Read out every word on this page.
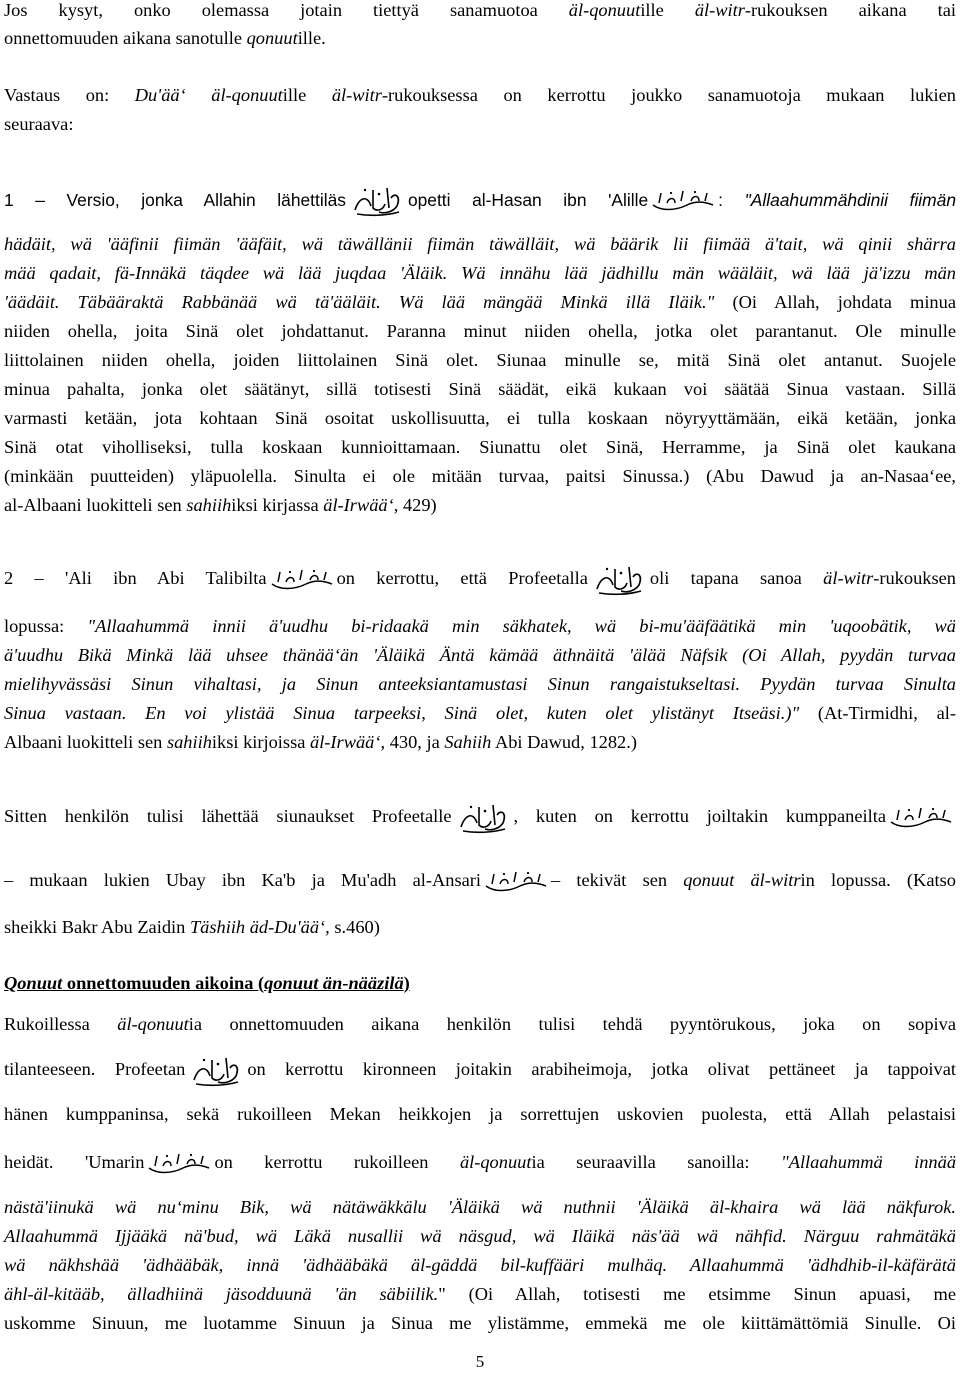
Jos kysyt, onko olemassa jotain tiettyä sanamuotoa äl-qonuutille äl-witr-rukouksen aikana tai
onnettomuuden aikana sanotulle qonuutille.
Vastaus on: Du'ää‘ äl-qonuutille äl-witr-rukouksessa on kerrottu joukko sanamuotoja mukaan lukien
seuraava:
1 – Versio, jonka Allahin lähettiläs	opetti al-Hasan ibn 'Alille	: "Allaahummähdinii fiimän
hädäit, wä 'ääfinii fiimän 'ääfäit, wä täwällänii fiimän täwälläit, wä bäärik lii fiimää ä'tait, wä qinii shärra
mää qadait, fä-Innäkä täqdee wä lää juqdaa 'Äläik. Wä innähu lää jädhillu män wääläit, wä lää jä'izzu män
'äädäit. Täbääraktä Rabbänää wä tä'ääläit. Wä lää mängää Minkä illä Iläik." (Oi Allah, johdata minua
niiden ohella, joita Sinä olet johdattanut. Paranna minut niiden ohella, jotka olet parantanut. Ole minulle
liittolainen niiden ohella, joiden liittolainen Sinä olet. Siunaa minulle se, mitä Sinä olet antanut. Suojele
minua pahalta, jonka olet säätänyt, sillä totisesti Sinä säädät, eikä kukaan voi säätää Sinua vastaan. Sillä
varmasti ketään, jota kohtaan Sinä osoitat uskollisuutta, ei tulla koskaan nöyryyttämään, eikä ketään, jonka
Sinä otat viholliseksi, tulla koskaan kunnioittamaan. Siunattu olet Sinä, Herramme, ja Sinä olet kaukana
(minkään puutteiden) yläpuolella. Sinulta ei ole mitään turvaa, paitsi Sinussa.) (Abu Dawud ja an-Nasaa‘ee,
al-Albaani luokitteli sen sahiihiksi kirjassa äl-Irwää‘, 429)
2 – 'Ali ibn Abi Talibilta	on kerrottu, että Profeetalla	oli tapana sanoa äl-witr-rukouksen
lopussa: "Allaahummä innii ä'uudhu bi-ridaakä min säkhatek, wä bi-mu'ääfäätikä min 'uqoobätik, wä
ä'uudhu Bikä Minkä lää uhsee thänää‘än 'Äläikä Äntä kämää äthnäitä 'älää Näfsik (Oi Allah, pyydän turvaa
mielihyvässäsi Sinun vihaltasi, ja Sinun anteeksiantamustasi Sinun rangaistukseltasi. Pyydän turvaa Sinulta
Sinua vastaan. En voi ylistää Sinua tarpeeksi, Sinä olet, kuten olet ylistänyt Itseäsi.)" (At-Tirmidhi, al-
Albaani luokitteli sen sahiihiksi kirjoissa äl-Irwää‘, 430, ja Sahiih Abi Dawud, 1282.)
Sitten henkilön tulisi lähettää siunaukset Profeetalle	, kuten on kerrottu joiltakin kumppaneilta
– mukaan lukien Ubay ibn Ka'b ja Mu'adh al-Ansari	– tekivät sen qonuut äl-witrin lopussa. (Katso
sheikki Bakr Abu Zaidin Täshiih äd-Du'ää‘, s.460)
Qonuut onnettomuuden aikoina (qonuut än-nääzilä)
Rukoillessa äl-qonuutia onnettomuuden aikana henkilön tulisi tehdä pyyntörukous, joka on sopiva
tilanteeseen. Profeetan	on kerrottu kironneen joitakin arabiheimoja, jotka olivat pettäneet ja tappoivat
hänen kumppaninsa, sekä rukoilleen Mekan heikkojen ja sorrettujen uskovien puolesta, että Allah pelastaisi
heidät. 'Umarin	on kerrottu rukoilleen äl-qonuutia seuraavilla sanoilla: "Allaahummä innää
nästä'iinukä wä nu‘minu Bik, wä nätäwäkkälu 'Äläikä wä nuthnii 'Äläikä äl-khaira wä lää näkfurok.
Allaahummä Ijjääkä nä'bud, wä Läkä nusallii wä näsgud, wä Iläikä näs'ää wä nähfid. Närguu rahmätäkä
wä näkhshää 'ädhääbäk, innä 'ädhääbäkä äl-gäddä bil-kuffääri mulhäq. Allaahummä 'ädhdhib-il-käfärätä
ähl-äl-kitääb, älladhiinä jäsodduunä 'än säbiilik." (Oi Allah, totisesti me etsimme Sinun apuasi, me
uskomme Sinuun, me luotamme Sinuun ja Sinua me ylistämme, emmekä me ole kiittämättömiä Sinulle. Oi
5
